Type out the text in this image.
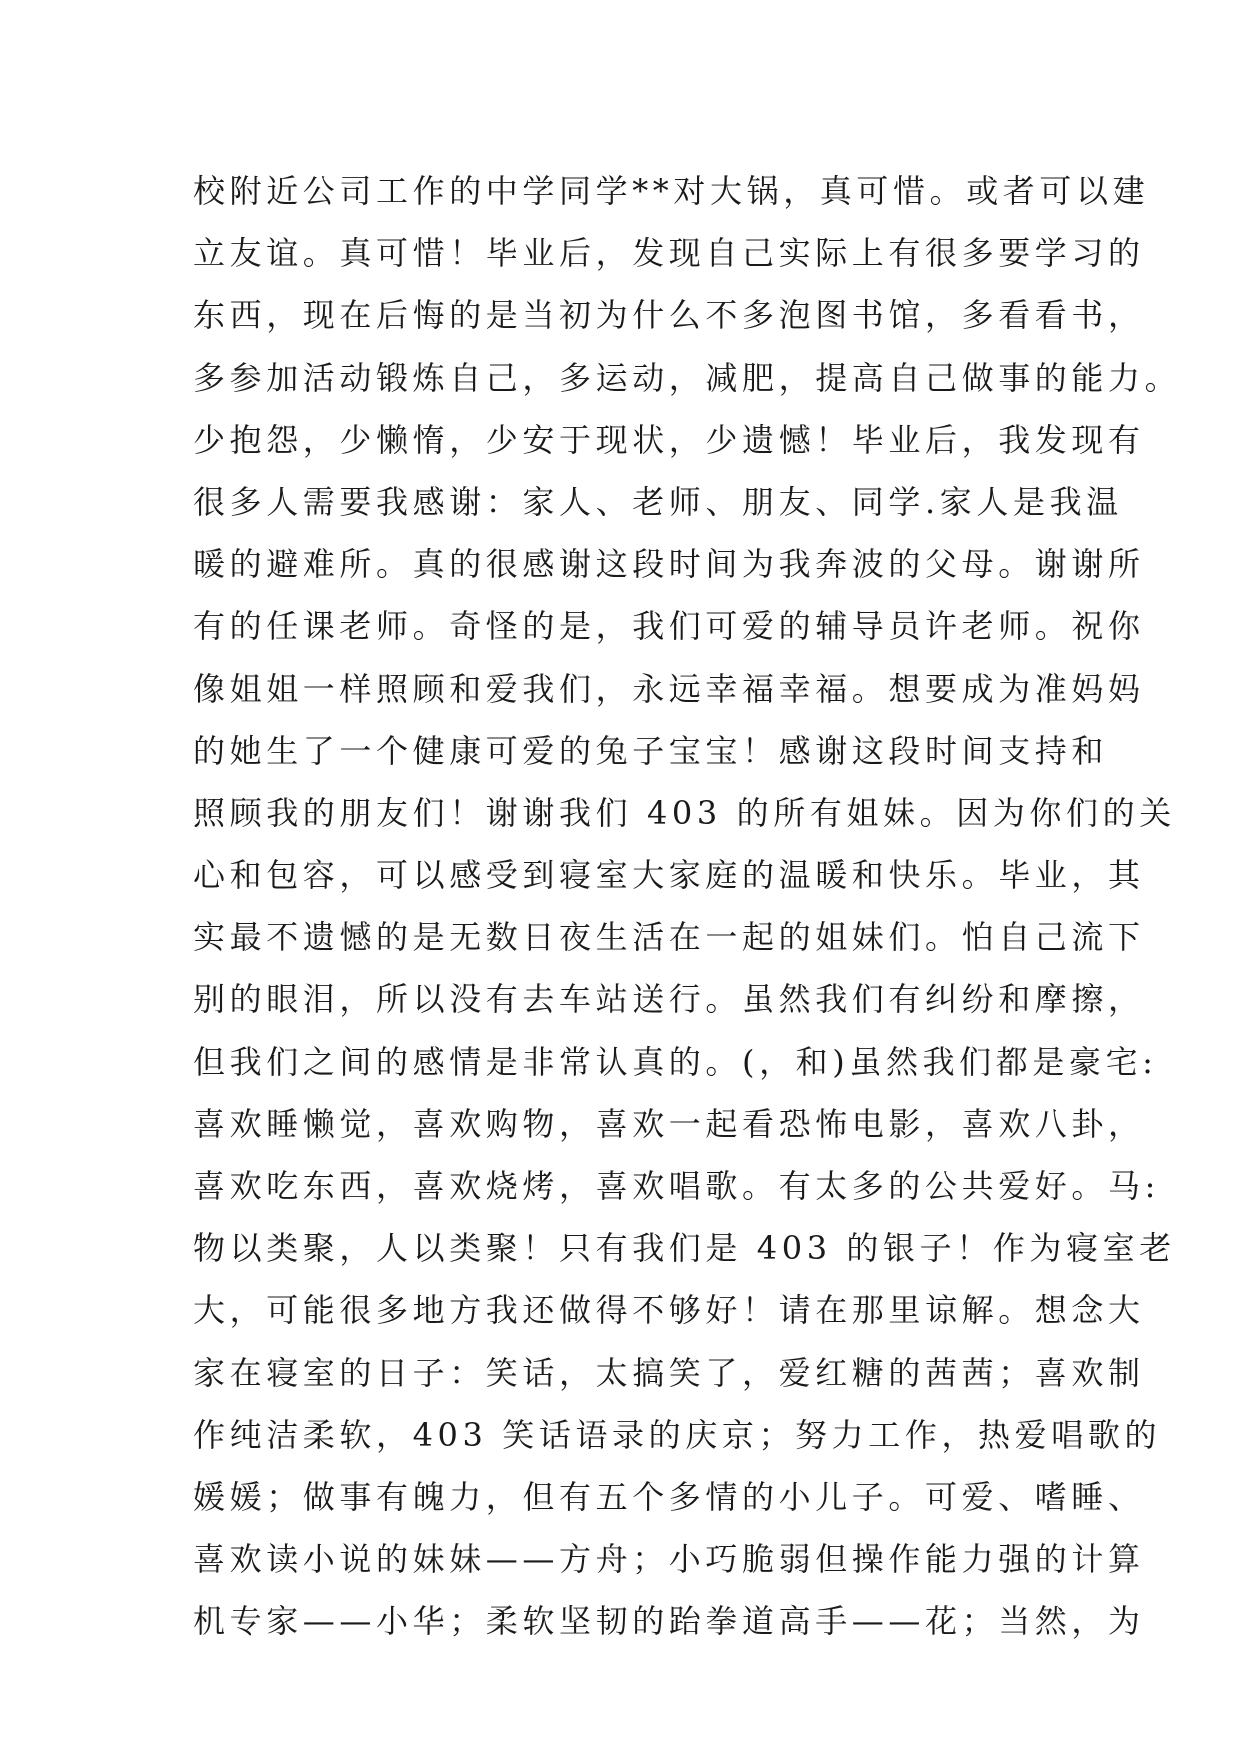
校附近公司工作的中学同学**对大锅，真可惜。或者可以建
立友谊。真可惜！毕业后，发现自己实际上有很多要学习的
东西，现在后悔的是当初为什么不多泡图书馆，多看看书，
多参加活动锻炼自己，多运动，减肥，提高自己做事的能力。
少抱怨，少懒惰，少安于现状，少遗憾！毕业后，我发现有
很多人需要我感谢：家人、老师、朋友、同学.家人是我温
暖的避难所。真的很感谢这段时间为我奔波的父母。谢谢所
有的任课老师。奇怪的是，我们可爱的辅导员许老师。祝你
像姐姐一样照顾和爱我们，永远幸福幸福。想要成为准妈妈
的她生了一个健康可爱的兔子宝宝！感谢这段时间支持和
照顾我的朋友们！谢谢我们 403 的所有姐妹。因为你们的关
心和包容，可以感受到寝室大家庭的温暖和快乐。毕业，其
实最不遗憾的是无数日夜生活在一起的姐妹们。怕自己流下
别的眼泪，所以没有去车站送行。虽然我们有纠纷和摩擦，
但我们之间的感情是非常认真的。(，和)虽然我们都是豪宅:
喜欢睡懒觉，喜欢购物，喜欢一起看恐怖电影，喜欢八卦，
喜欢吃东西，喜欢烧烤，喜欢唱歌。有太多的公共爱好。马:
物以类聚，人以类聚！只有我们是 403 的银子！作为寝室老
大，可能很多地方我还做得不够好！请在那里谅解。想念大
家在寝室的日子：笑话，太搞笑了，爱红糖的茜茜；喜欢制
作纯洁柔软，403 笑话语录的庆京；努力工作，热爱唱歌的
媛媛；做事有魄力，但有五个多情的小儿子。可爱、嗜睡、
喜欢读小说的妹妹——方舟；小巧脆弱但操作能力强的计算
机专家——小华；柔软坚韧的跆拳道高手——花；当然，为
